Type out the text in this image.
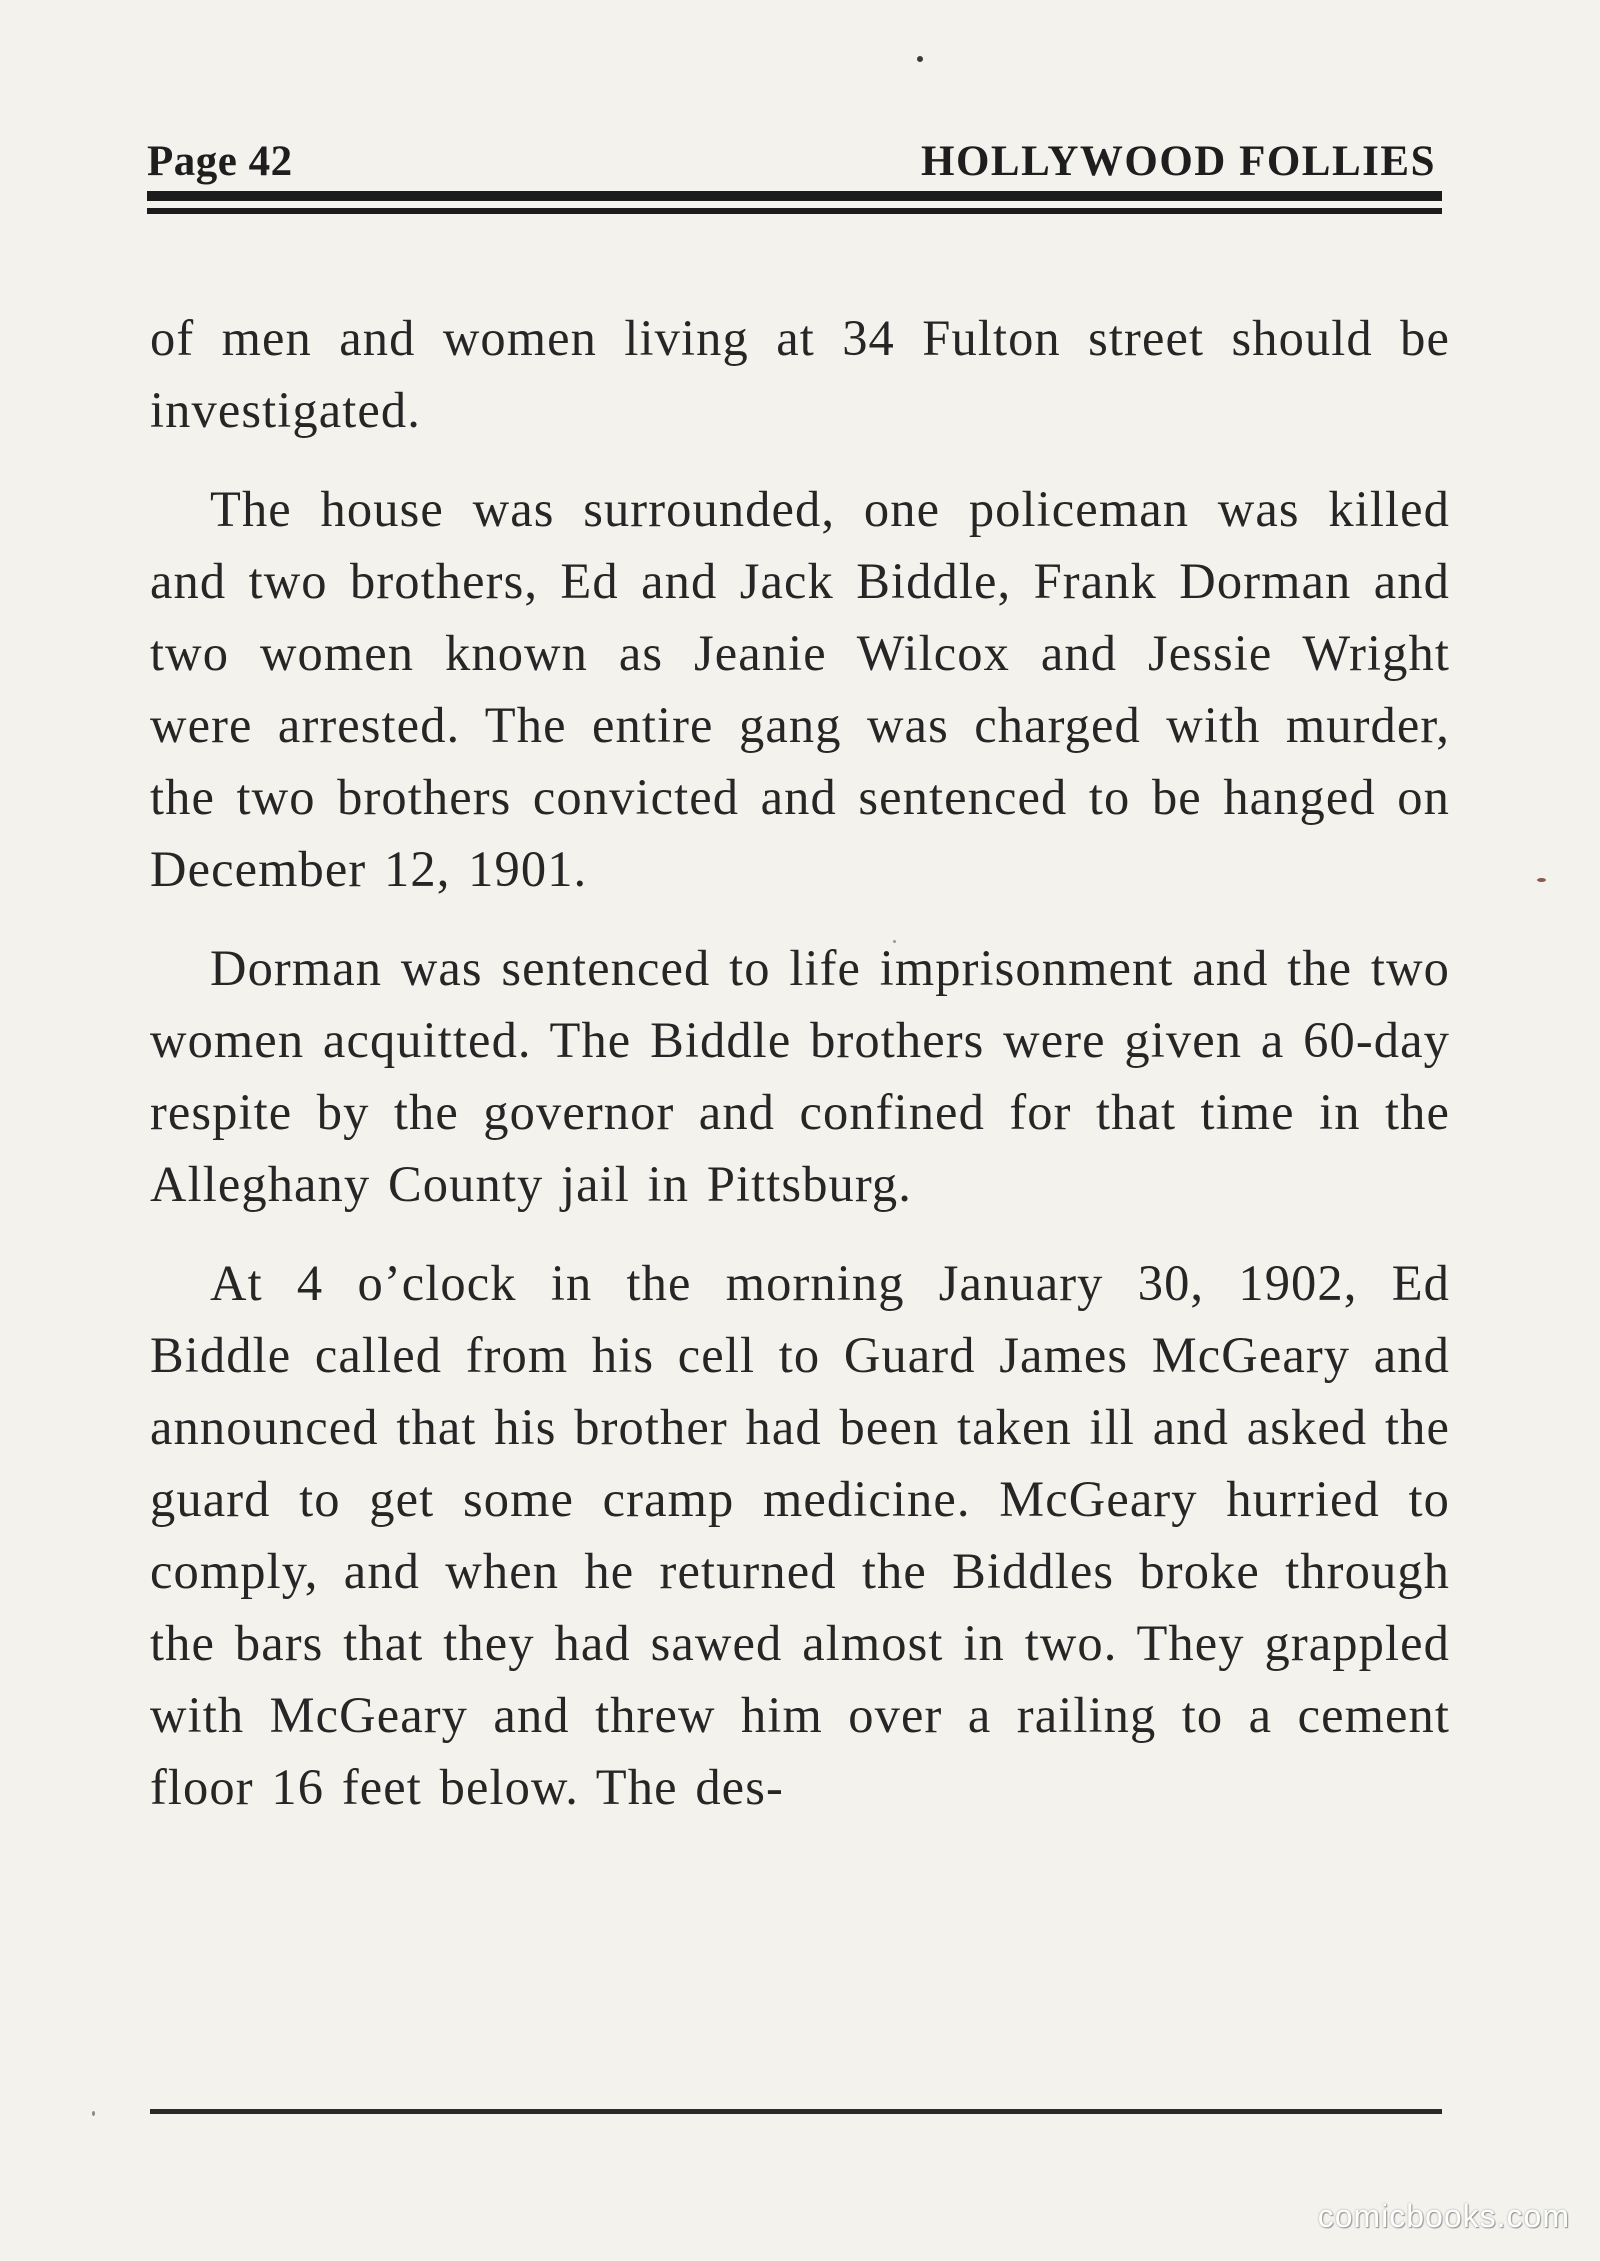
Page 42	HOLLYWOOD FOLLIES

of men and women living at 34 Fulton street should be investigated.

The house was surrounded, one policeman was killed and two brothers, Ed and Jack Biddle, Frank Dorman and two women known as Jeanie Wilcox and Jessie Wright were arrested. The entire gang was charged with murder, the two brothers convicted and sentenced to be hanged on December 12, 1901.

Dorman was sentenced to life imprisonment and the two women acquitted. The Biddle brothers were given a 60-day respite by the governor and confined for that time in the Alleghany County jail in Pittsburg.

At 4 o’clock in the morning January 30, 1902, Ed Biddle called from his cell to Guard James McGeary and announced that his brother had been taken ill and asked the guard to get some cramp medicine. McGeary hurried to comply, and when he returned the Biddles broke through the bars that they had sawed almost in two. They grappled with McGeary and threw him over a railing to a cement floor 16 feet below. The des-

comicbooks.com
